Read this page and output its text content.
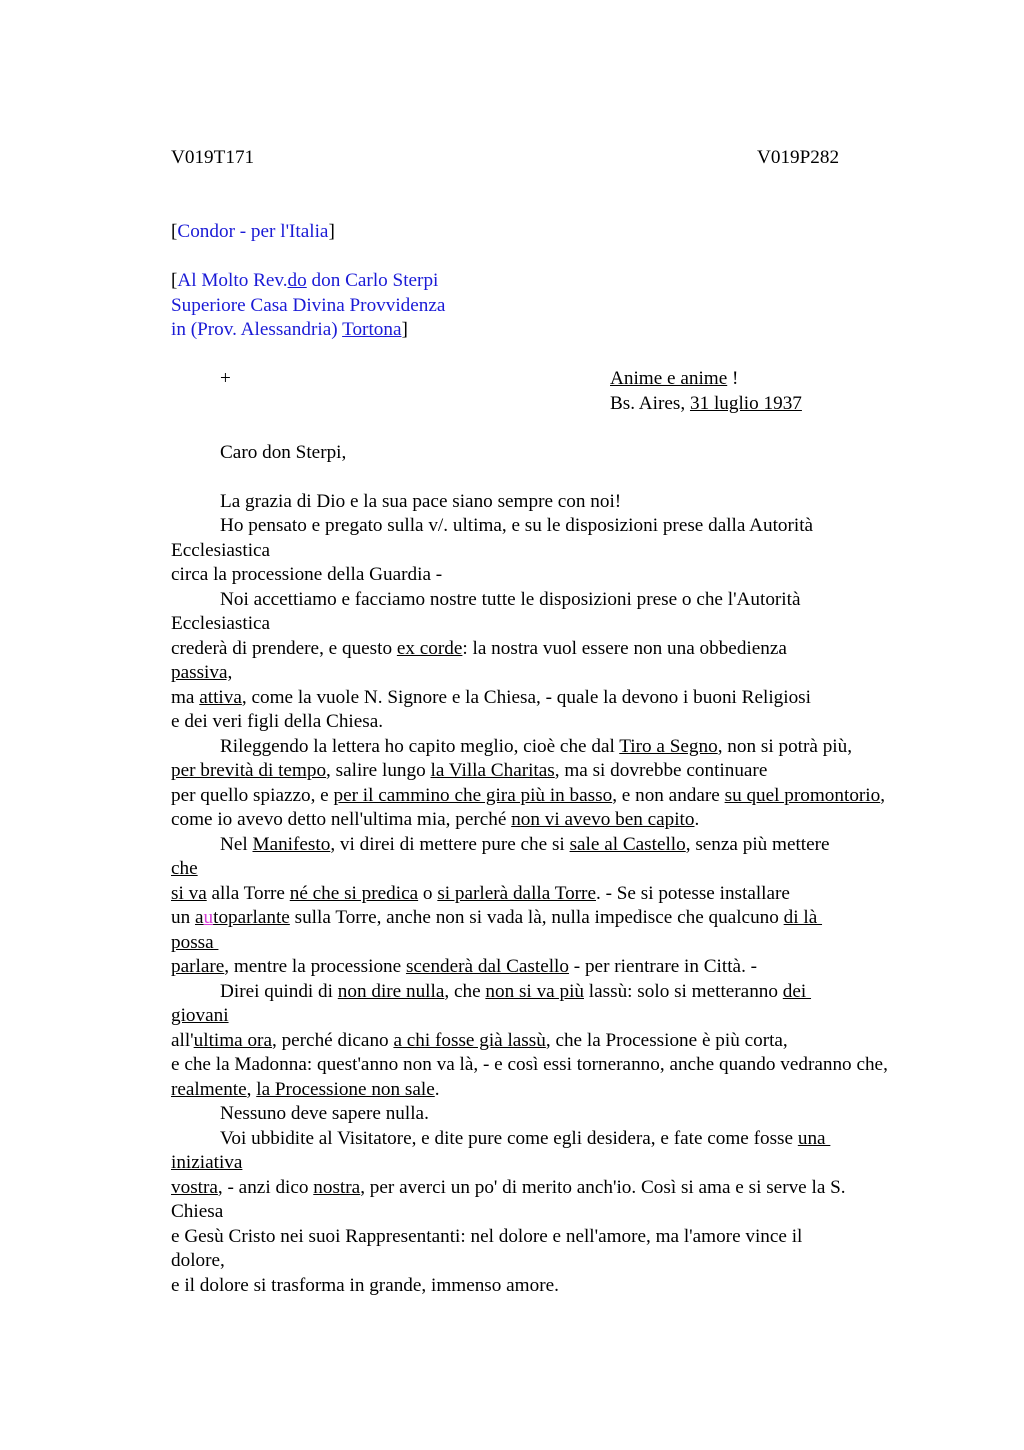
V019T171	V019P282
[Condor - per l'Italia]
[Al Molto Rev.do don Carlo Sterpi
Superiore Casa Divina Provvidenza
in (Prov. Alessandria) Tortona]
+	Anime e anime !
Bs. Aires, 31 luglio 1937
Caro don Sterpi,
La grazia di Dio e la sua pace siano sempre con noi!
Ho pensato e pregato sulla v/. ultima, e su le disposizioni prese dalla Autorità
Ecclesiastica
circa la processione della Guardia -
Noi accettiamo e facciamo nostre tutte le disposizioni prese o che l'Autorità
Ecclesiastica
crederà di prendere, e questo ex corde: la nostra vuol essere non una obbedienza
passiva,
ma attiva, come la vuole N. Signore e la Chiesa, - quale la devono i buoni Religiosi
e dei veri figli della Chiesa.
Rileggendo la lettera ho capito meglio, cioè che dal Tiro a Segno, non si potrà più,
per brevità di tempo, salire lungo la Villa Charitas, ma si dovrebbe continuare
per quello spiazzo, e per il cammino che gira più in basso, e non andare su quel promontorio,
come io avevo detto nell'ultima mia, perché non vi avevo ben capito.
Nel Manifesto, vi direi di mettere pure che si sale al Castello, senza più mettere
che
si va alla Torre né che si predica o si parlerà dalla Torre. - Se si potesse installare
un autoparlante sulla Torre, anche non si vada là, nulla impedisce che qualcuno di là
possa
parlare, mentre la processione scenderà dal Castello - per rientrare in Città. -
Direi quindi di non dire nulla, che non si va più lassù: solo si metteranno dei
giovani
all'ultima ora, perché dicano a chi fosse già lassù, che la Processione è più corta,
e che la Madonna: quest'anno non va là, - e così essi torneranno, anche quando vedranno che,
realmente, la Processione non sale.
Nessuno deve sapere nulla.
Voi ubbidite al Visitatore, e dite pure come egli desidera, e fate come fosse una
iniziativa
vostra, - anzi dico nostra, per averci un po' di merito anch'io. Così si ama e si serve la S.
Chiesa
e Gesù Cristo nei suoi Rappresentanti: nel dolore e nell'amore, ma l'amore vince il
dolore,
e il dolore si trasforma in grande, immenso amore.
